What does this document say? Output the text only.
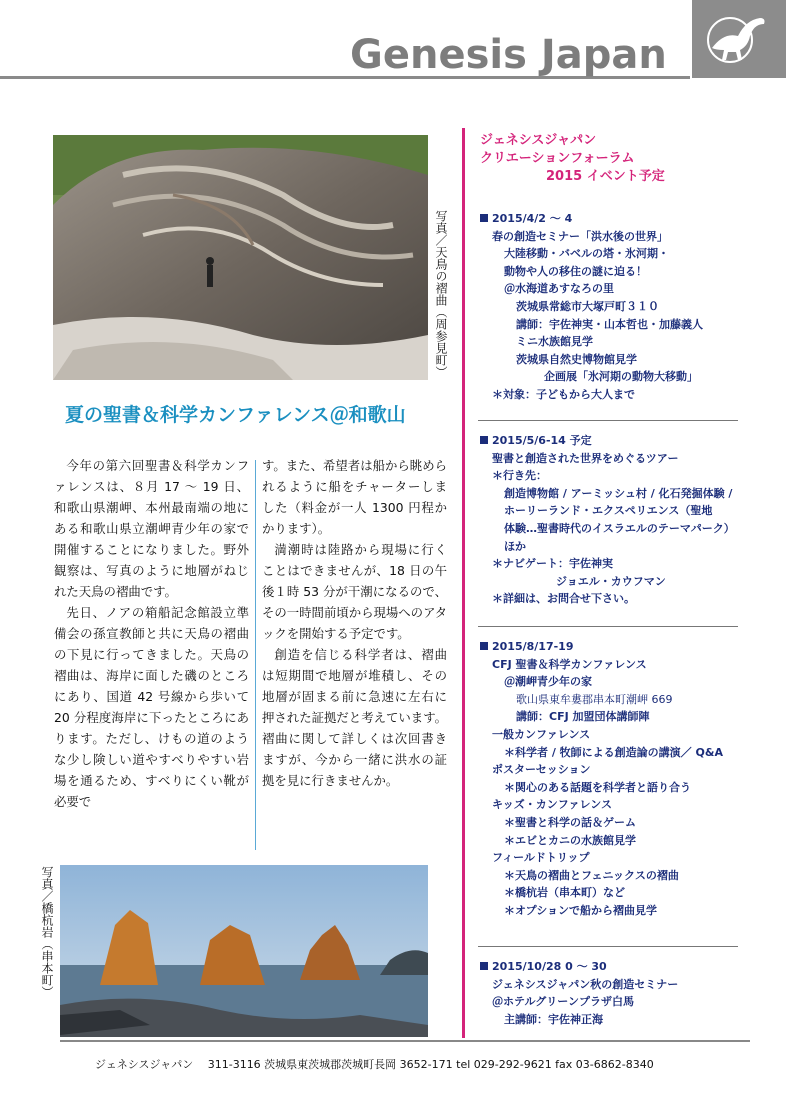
Genesis Japan
写真／天鳥の褶曲（周参見町）
夏の聖書＆科学カンファレンス＠和歌山

今年の第六回聖書＆科学カンファレンスは、８月 17 〜 19 日、和歌山県潮岬、本州最南端の地にある和歌山県立潮岬青少年の家で開催することになりました。野外観察は、写真のように地層がねじれた天鳥の褶曲です。

先日、ノアの箱船記念館設立準備会の孫宣教師と共に天鳥の褶曲の下見に行ってきました。天鳥の褶曲は、海岸に面した磯のところにあり、国道 42 号線から歩いて 20 分程度海岸に下ったところにあります。ただし、けもの道のような少し険しい道やすべりやすい岩場を通るため、すべりにくい靴が必要で

す。また、希望者は船から眺められるように船をチャーターしました（料金が一人 1300 円程かかります）。

満潮時は陸路から現場に行くことはできませんが、18 日の午後１時 53 分が干潮になるので、その一時間前頃から現場へのアタックを開始する予定です。

創造を信じる科学者は、褶曲は短期間で地層が堆積し、その地層が固まる前に急速に左右に押された証拠だと考えています。褶曲に関して詳しくは次回書きますが、今から一緒に洪水の証拠を見に行きませんか。

写真／橋杭岩（串本町）
ジェネシスジャパン
クリエーションフォーラム
2015 イベント予定
2015/4/2 〜 4
春の創造セミナー「洪水後の世界」
大陸移動・バベルの塔・氷河期・
動物や人の移住の謎に迫る！
＠水海道あすなろの里
茨城県常総市大塚戸町３１０
講師：宇佐神実・山本哲也・加藤義人
ミニ水族館見学
茨城県自然史博物館見学
企画展「氷河期の動物大移動」
＊対象：子どもから大人まで
2015/5/6-14 予定
聖書と創造された世界をめぐるツアー
＊行き先：
創造博物館 / アーミッシュ村 / 化石発掘体験 /
ホーリーランド・エクスペリエンス（聖地
体験…聖書時代のイスラエルのテーマパーク）
ほか
＊ナビゲート：宇佐神実
ジョエル・カウフマン
＊詳細は、お問合せ下さい。
2015/8/17-19
CFJ 聖書＆科学カンファレンス
＠潮岬青少年の家
歌山県東牟婁郡串本町潮岬 669
講師：CFJ 加盟団体講師陣
一般カンファレンス
＊科学者 / 牧師による創造論の講演／ Q&A
ポスターセッション
＊関心のある話題を科学者と語り合う
キッズ・カンファレンス
＊聖書と科学の話＆ゲーム
＊エビとカニの水族館見学
フィールドトリップ
＊天鳥の褶曲とフェニックスの褶曲
＊橋杭岩（串本町）など
＊オプションで船から褶曲見学
2015/10/28 0 〜 30
ジェネシスジャパン秋の創造セミナー
＠ホテルグリーンプラザ白馬
主講師：宇佐神正海
ジェネシスジャパン　 311-3116 茨城県東茨城郡茨城町長岡 3652-171 tel 029-292-9621 fax 03-6862-8340
